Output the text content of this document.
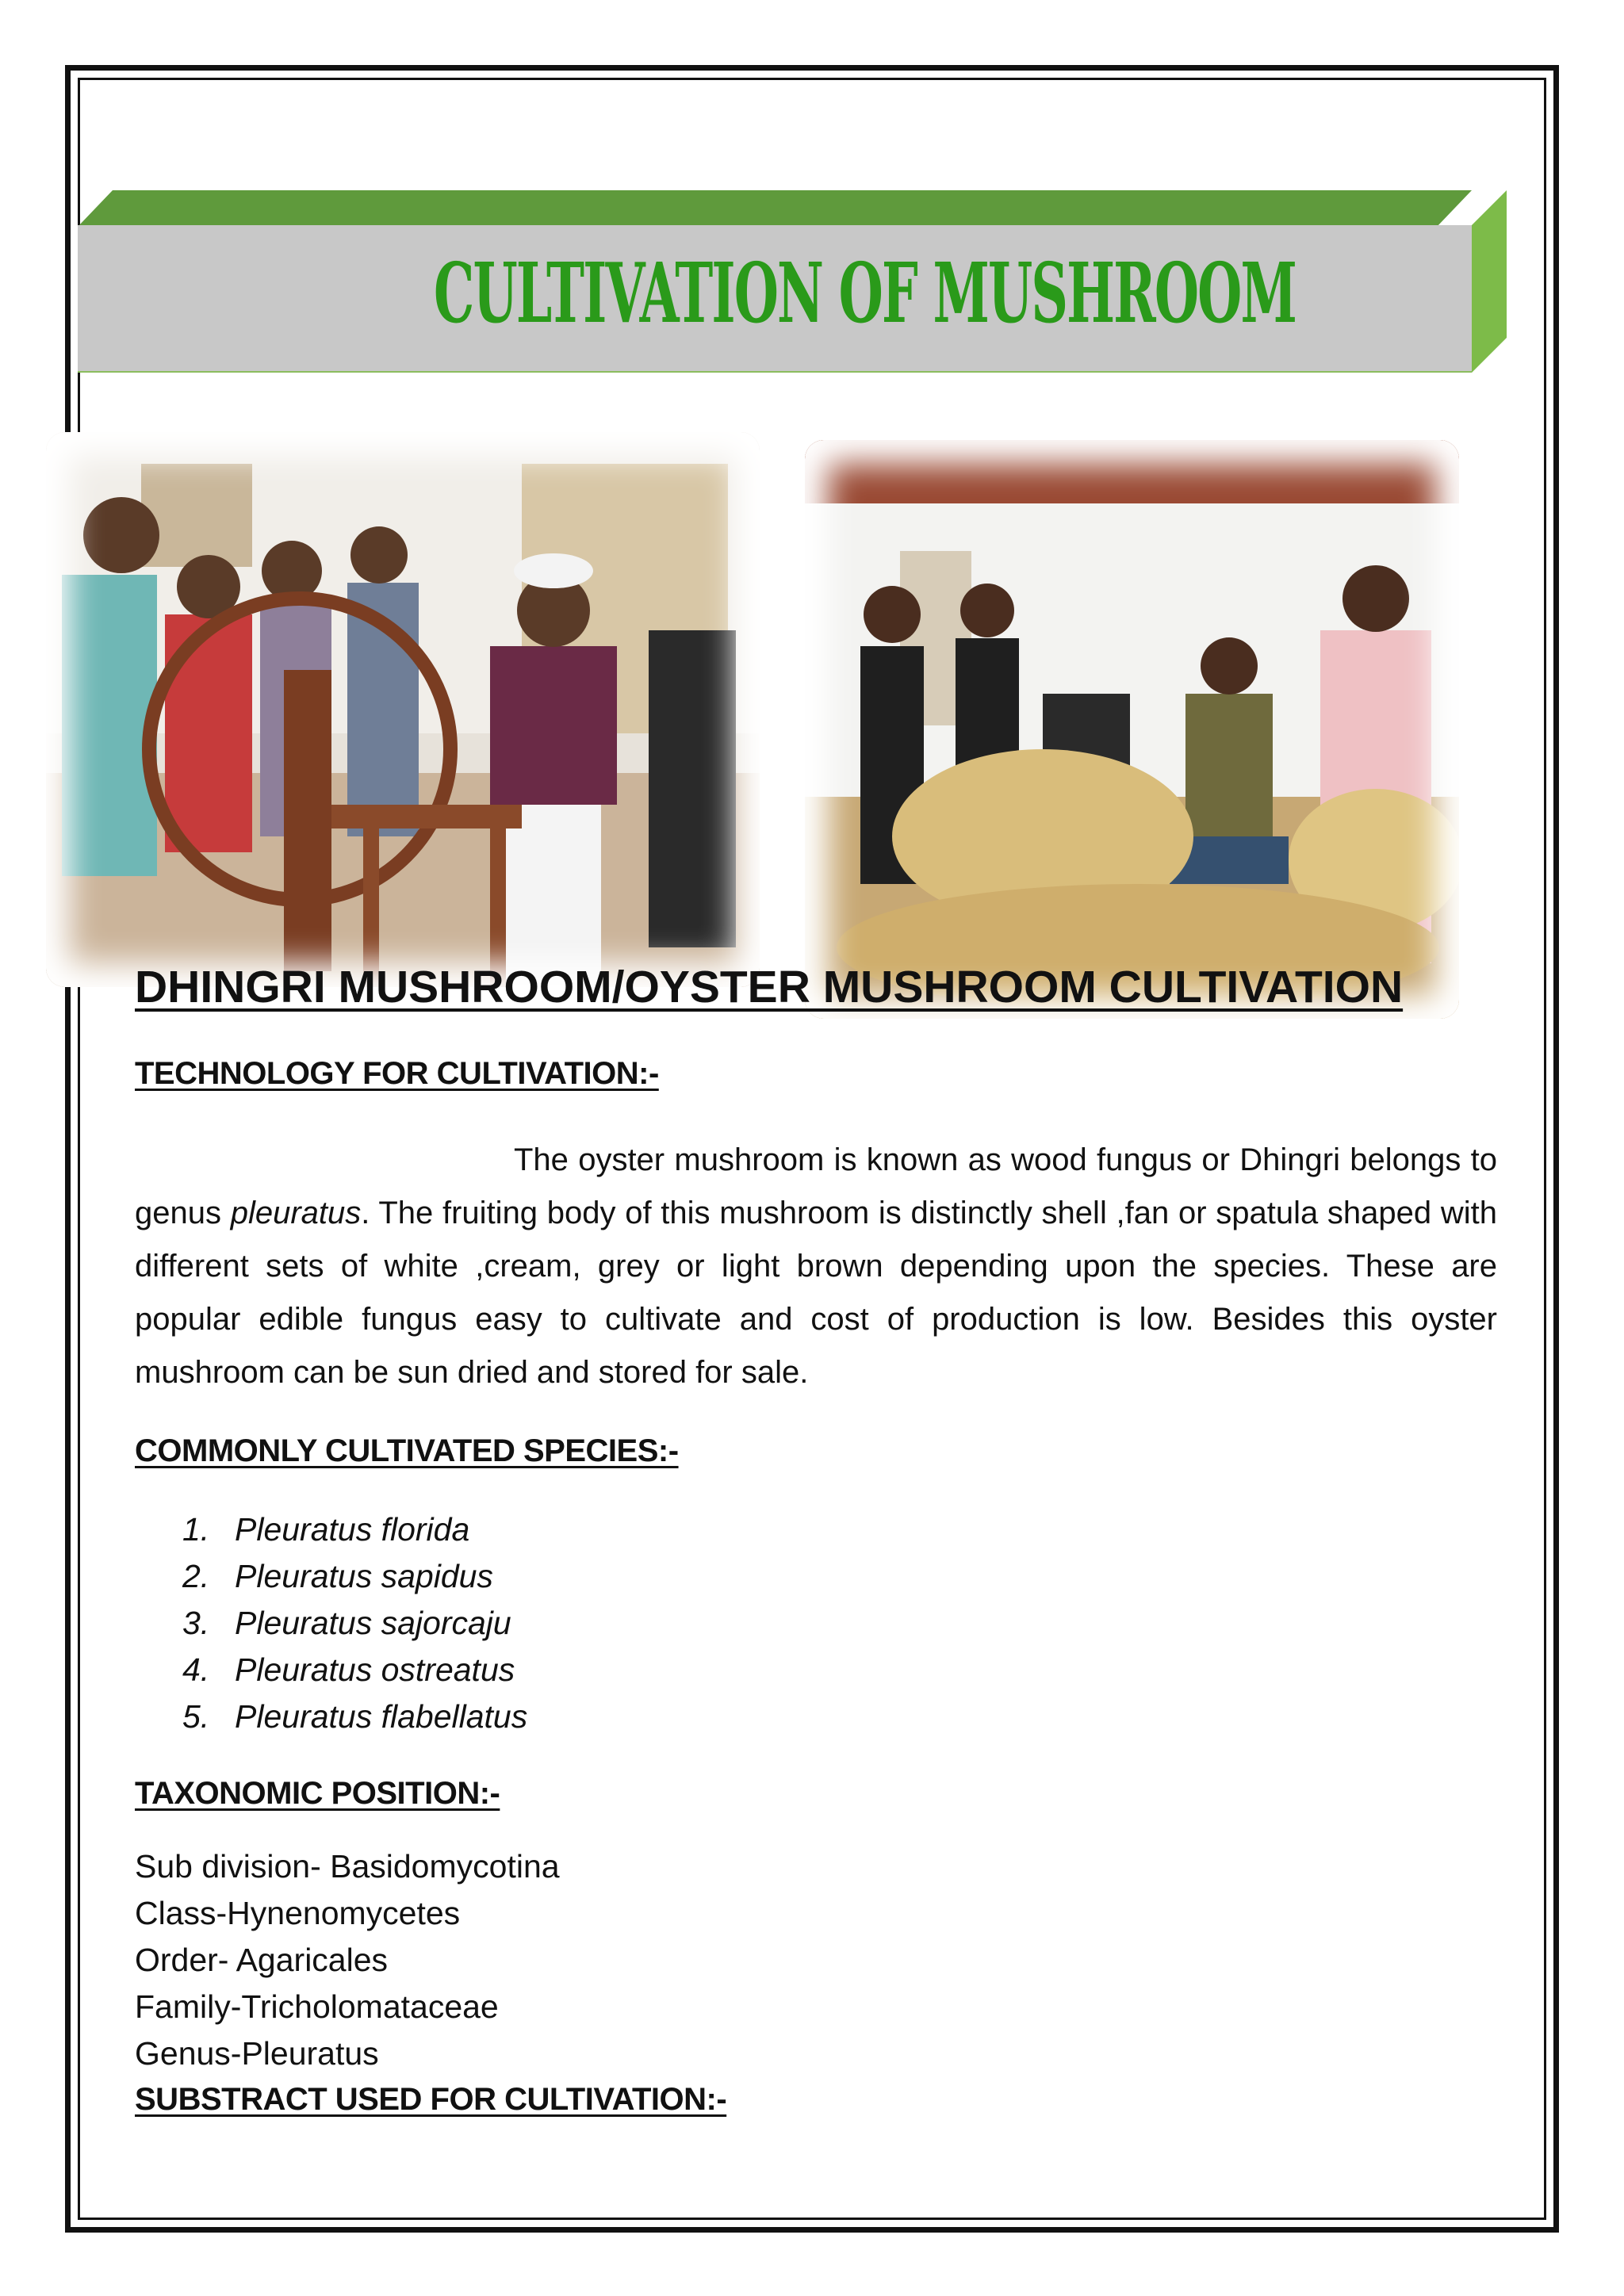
CULTIVATION OF MUSHROOM
DHINGRI MUSHROOM/OYSTER MUSHROOM CULTIVATION
TECHNOLOGY FOR CULTIVATION:-
The oyster mushroom is known as wood fungus or Dhingri belongs to genus pleuratus. The fruiting body of this mushroom is distinctly shell ,fan or spatula shaped with different sets of white ,cream, grey or light brown depending upon the species. These are popular edible fungus easy to cultivate and cost of production is low. Besides this oyster mushroom can be sun dried and stored for sale.
COMMONLY CULTIVATED SPECIES:-
1. Pleuratus florida
2. Pleuratus sapidus
3. Pleuratus sajorcaju
4. Pleuratus ostreatus
5. Pleuratus flabellatus
TAXONOMIC POSITION:-
Sub division- Basidomycotina
Class-Hynenomycetes
Order- Agaricales
Family-Tricholomataceae
Genus-Pleuratus
SUBSTRACT USED FOR CULTIVATION:-
